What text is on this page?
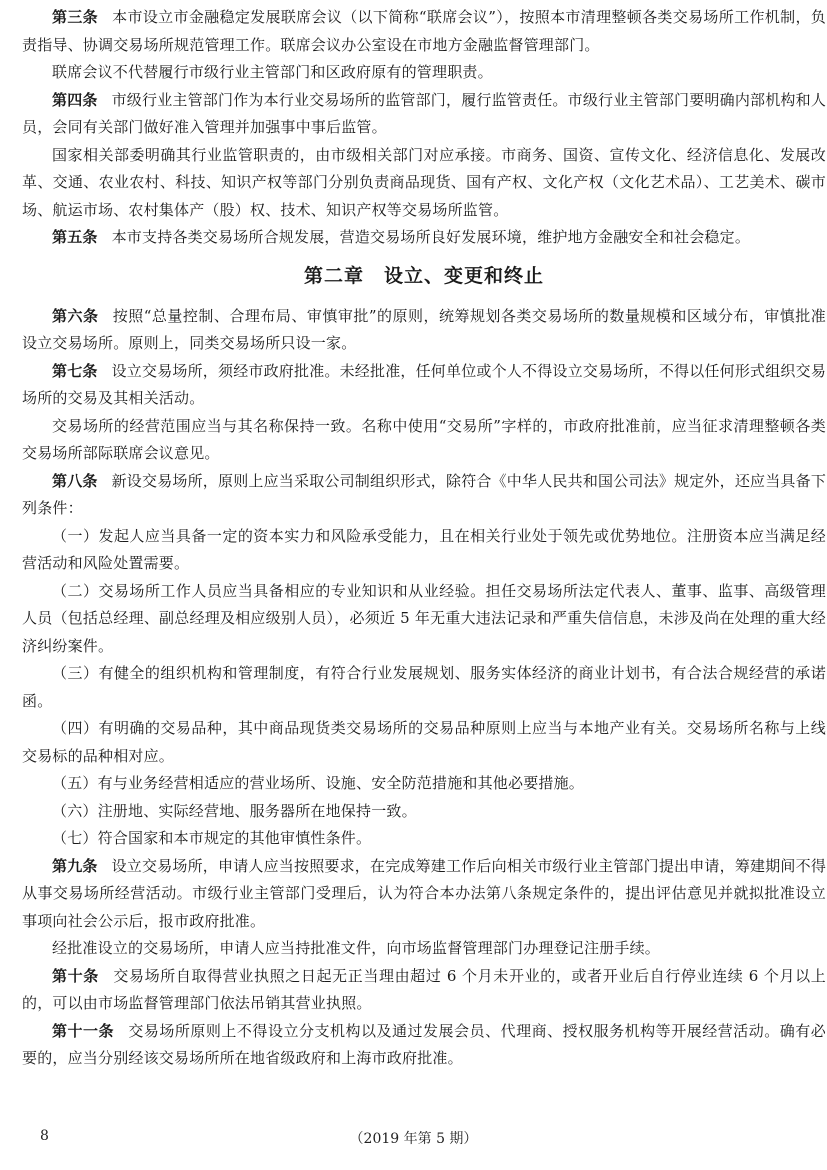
第三条 本市设立市金融稳定发展联席会议（以下简称“联席会议”），按照本市清理整顿各类交易场所工作机制，负责指导、协调交易场所规范管理工作。联席会议办公室设在市地方金融监督管理部门。

联席会议不代替履行市级行业主管部门和区政府原有的管理职责。

第四条 市级行业主管部门作为本行业交易场所的监管部门，履行监管责任。市级行业主管部门要明确内部机构和人员，会同有关部门做好准入管理并加强事中事后监管。

国家相关部委明确其行业监管职责的，由市级相关部门对应承接。市商务、国资、宣传文化、经济信息化、发展改革、交通、农业农村、科技、知识产权等部门分别负责商品现货、国有产权、文化产权（文化艺术品）、工艺美术、碳市场、航运市场、农村集体产（股）权、技术、知识产权等交易场所监管。

第五条 本市支持各类交易场所合规发展，营造交易场所良好发展环境，维护地方金融安全和社会稳定。

第二章　设立、变更和终止

第六条 按照“总量控制、合理布局、审慎审批”的原则，统筹规划各类交易场所的数量规模和区域分布，审慎批准设立交易场所。原则上，同类交易场所只设一家。

第七条 设立交易场所，须经市政府批准。未经批准，任何单位或个人不得设立交易场所，不得以任何形式组织交易场所的交易及其相关活动。

交易场所的经营范围应当与其名称保持一致。名称中使用“交易所”字样的，市政府批准前，应当征求清理整顿各类交易场所部际联席会议意见。

第八条 新设交易场所，原则上应当采取公司制组织形式，除符合《中华人民共和国公司法》规定外，还应当具备下列条件：

（一）发起人应当具备一定的资本实力和风险承受能力，且在相关行业处于领先或优势地位。注册资本应当满足经营活动和风险处置需要。

（二）交易场所工作人员应当具备相应的专业知识和从业经验。担任交易场所法定代表人、董事、监事、高级管理人员（包括总经理、副总经理及相应级别人员），必须近 5 年无重大违法记录和严重失信信息，未涉及尚在处理的重大经济纠纷案件。

（三）有健全的组织机构和管理制度，有符合行业发展规划、服务实体经济的商业计划书，有合法合规经营的承诺函。

（四）有明确的交易品种，其中商品现货类交易场所的交易品种原则上应当与本地产业有关。交易场所名称与上线交易标的品种相对应。

（五）有与业务经营相适应的营业场所、设施、安全防范措施和其他必要措施。

（六）注册地、实际经营地、服务器所在地保持一致。

（七）符合国家和本市规定的其他审慎性条件。

第九条 设立交易场所，申请人应当按照要求，在完成筹建工作后向相关市级行业主管部门提出申请，筹建期间不得从事交易场所经营活动。市级行业主管部门受理后，认为符合本办法第八条规定条件的，提出评估意见并就拟批准设立事项向社会公示后，报市政府批准。

经批准设立的交易场所，申请人应当持批准文件，向市场监督管理部门办理登记注册手续。

第十条 交易场所自取得营业执照之日起无正当理由超过 6 个月未开业的，或者开业后自行停业连续 6 个月以上的，可以由市场监督管理部门依法吊销其营业执照。

第十一条 交易场所原则上不得设立分支机构以及通过发展会员、代理商、授权服务机构等开展经营活动。确有必要的，应当分别经该交易场所所在地省级政府和上海市政府批准。

8	（2019 年第 5 期）
